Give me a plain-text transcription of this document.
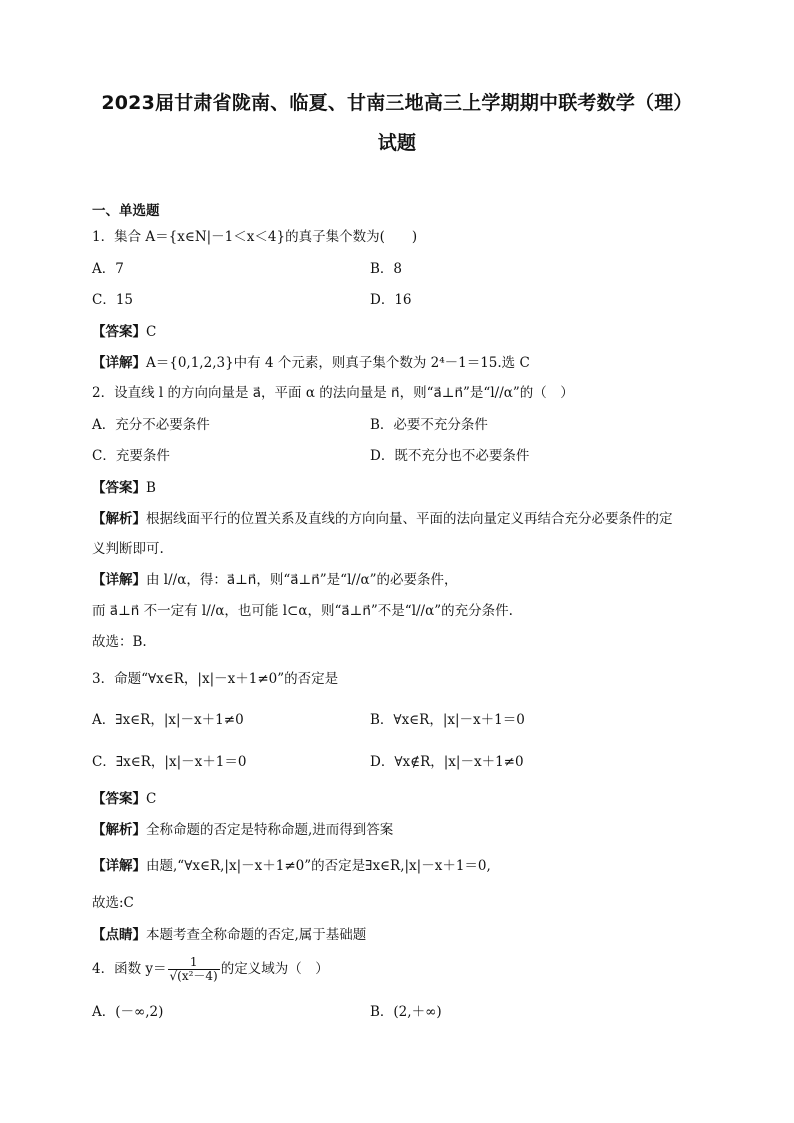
2023届甘肃省陇南、临夏、甘南三地高三上学期期中联考数学（理）
试题
一、单选题
1．集合 A＝{x∈N|－1＜x＜4}的真子集个数为(　　)
A．7	B．8
C．15	D．16
【答案】C
【详解】A＝{0,1,2,3}中有 4 个元素，则真子集个数为 2⁴－1＝15.选 C
2．设直线 l 的方向向量是 a⃗，平面 α 的法向量是 n⃗，则“a⃗⊥n⃗”是“l//α”的（　）
A．充分不必要条件	B．必要不充分条件
C．充要条件	D．既不充分也不必要条件
【答案】B
【解析】根据线面平行的位置关系及直线的方向向量、平面的法向量定义再结合充分必要条件的定
义判断即可.
【详解】由 l//α，得：a⃗⊥n⃗，则“a⃗⊥n⃗”是“l//α”的必要条件，
而 a⃗⊥n⃗ 不一定有 l//α，也可能 l⊂α，则“a⃗⊥n⃗”不是“l//α”的充分条件.
故选：B.
3．命题“∀x∈R，|x|－x＋1≠0”的否定是
A．∃x∈R，|x|－x＋1≠0	B．∀x∈R，|x|－x＋1＝0
C．∃x∈R，|x|－x＋1＝0	D．∀x∉R，|x|－x＋1≠0
【答案】C
【解析】全称命题的否定是特称命题,进而得到答案
【详解】由题,“∀x∈R,|x|－x＋1≠0”的否定是∃x∈R,|x|－x＋1＝0,
故选:C
【点睛】本题考查全称命题的否定,属于基础题
4．函数 $y= \frac{1}{\text{√(x²－4)}}$ 的定义域为（　）
A．(－∞,2)	B．(2,＋∞)
